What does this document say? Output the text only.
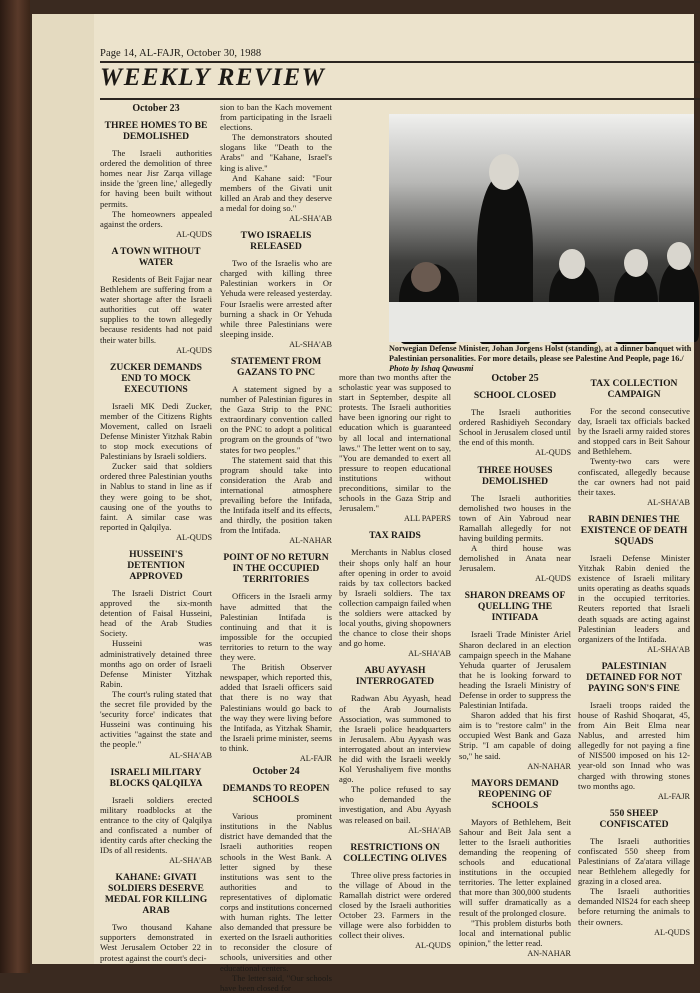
Page 14, AL-FAJR, October 30, 1988
WEEKLY REVIEW
October 23
THREE HOMES TO BE DEMOLISHED

The Israeli authorities ordered the demolition of three homes near Jisr Zarqa village inside the 'green line,' allegedly for having been built without permits.

The homeowners appealed against the orders.

AL-QUDS
A TOWN WITHOUT WATER

Residents of Beit Fajjar near Bethlehem are suffering from a water shortage after the Israeli authorities cut off water supplies to the town allegedly because residents had not paid their water bills.

AL-QUDS
ZUCKER DEMANDS END TO MOCK EXECUTIONS

Israeli MK Dedi Zucker, member of the Citizens Rights Movement, called on Israeli Defense Minister Yitzhak Rabin to stop mock executions of Palestinians by Israeli soldiers.

Zucker said that soldiers ordered three Palestinian youths in Nablus to stand in line as if they were going to be shot, causing one of the youths to faint. A similar case was reported in Qalqilya.

AL-QUDS
HUSSEINI'S DETENTION APPROVED

The Israeli District Court approved the six-month detention of Faisal Husseini, head of the Arab Studies Society.

Husseini was administratively detained three months ago on order of Israeli Defense Minister Yitzhak Rabin.

The court's ruling stated that the secret file provided by the 'security force' indicates that Husseini was continuing his activities "against the state and the people."

AL-SHA'AB
ISRAELI MILITARY BLOCKS QALQILYA

Israeli soldiers erected military roadblocks at the entrance to the city of Qalqilya and confiscated a number of identity cards after checking the IDs of all residents.

AL-SHA'AB
KAHANE: GIVATI SOLDIERS DESERVE MEDAL FOR KILLING ARAB

Two thousand Kahane supporters demonstrated in West Jerusalem October 22 in protest against the court's deci-

sion to ban the Kach movement from participating in the Israeli elections.

The demonstrators shouted slogans like "Death to the Arabs" and "Kahane, Israel's king is alive."

And Kahane said: "Four members of the Givati unit killed an Arab and they deserve a medal for doing so."

AL-SHA'AB
TWO ISRAELIS RELEASED

Two of the Israelis who are charged with killing three Palestinian workers in Or Yehuda were released yesterday. Four Israelis were arrested after burning a shack in Or Yehuda while three Palestinians were sleeping inside.

AL-SHA'AB
STATEMENT FROM GAZANS TO PNC

A statement signed by a number of Palestinian figures in the Gaza Strip to the PNC extraordinary convention called on the PNC to adopt a political program on the grounds of "two states for two peoples."

The statement said that this program should take into consideration the Arab and international atmosphere prevailing before the Intifada, the Intifada itself and its effects, and thirdly, the position taken from the Intifada.

AL-NAHAR
POINT OF NO RETURN IN THE OCCUPIED TERRITORIES

Officers in the Israeli army have admitted that the Palestinian Intifada is continuing and that it is impossible for the occupied territories to return to the way they were.

The British Observer newspaper, which reported this, added that Israeli officers said that there is no way that Palestinians would go back to the way they were living before the Intifada, as Yitzhak Shamir, the Israeli prime minister, seems to think.

AL-FAJR
October 24
DEMANDS TO REOPEN SCHOOLS

Various prominent institutions in the Nablus district have demanded that the Israeli authorities reopen schools in the West Bank. A letter signed by these institutions was sent to the authorities and to representatives of diplomatic corps and institutions concerned with human rights. The letter also demanded that pressure be exerted on the Israeli authorities to reconsider the closure of schools, universities and other educational centers.

The letter said, "Our schools have been closed for

Norwegian Defense Minister, Johan Jorgens Holst (standing), at a dinner banquet with Palestinian personalities. For more details, please see Palestine And People, page 16./ Photo by Ishaq Qawasmi

more than two months after the scholastic year was supposed to start in September, despite all protests. The Israeli authorities have been ignoring our right to education which is guaranteed by all local and international laws." The letter went on to say, "You are demanded to exert all pressure to reopen educational institutions without preconditions, similar to the schools in the Gaza Strip and Jerusalem."

ALL PAPERS
TAX RAIDS

Merchants in Nablus closed their shops only half an hour after opening in order to avoid raids by tax collectors backed by Israeli soldiers. The tax collection campaign failed when the soldiers were attacked by local youths, giving shopowners the chance to close their shops and go home.

AL-SHA'AB
ABU AYYASH INTERROGATED

Radwan Abu Ayyash, head of the Arab Journalists Association, was summoned to the Israeli police headquarters in Jerusalem. Abu Ayyash was interrogated about an interview he did with the Israeli weekly Kol Yerushaliyem five months ago.

The police refused to say who demanded the investigation, and Abu Ayyash was released on bail.

AL-SHA'AB
RESTRICTIONS ON COLLECTING OLIVES

Three olive press factories in the village of Aboud in the Ramallah district were ordered closed by the Israeli authorities October 23. Farmers in the village were also forbidden to collect their olives.

AL-QUDS
October 25
SCHOOL CLOSED

The Israeli authorities ordered Rashidiyeh Secondary School in Jerusalem closed until the end of this month.

AL-QUDS
THREE HOUSES DEMOLISHED

The Israeli authorities demolished two houses in the town of Ain Yabroud near Ramallah allegedly for not having building permits.

A third house was demolished in Anata near Jerusalem.

AL-QUDS
SHARON DREAMS OF QUELLING THE INTIFADA

Israeli Trade Minister Ariel Sharon declared in an election campaign speech in the Mahane Yehuda quarter of Jerusalem that he is looking forward to heading the Israeli Ministry of Defense in order to suppress the Palestinian Intifada.

Sharon added that his first aim is to "restore calm" in the occupied West Bank and Gaza Strip. "I am capable of doing so," he said.

AN-NAHAR
MAYORS DEMAND REOPENING OF SCHOOLS

Mayors of Bethlehem, Beit Sahour and Beit Jala sent a letter to the Israeli authorities demanding the reopening of schools and educational institutions in the occupied territories. The letter explained that more than 300,000 students will suffer dramatically as a result of the prolonged closure.

"This problem disturbs both local and international public opinion," the letter read.

AN-NAHAR
TAX COLLECTION CAMPAIGN

For the second consecutive day, Israeli tax officials backed by the Israeli army raided stores and stopped cars in Beit Sahour and Bethlehem.

Twenty-two cars were confiscated, allegedly because the car owners had not paid their taxes.

AL-SHA'AB
RABIN DENIES THE EXISTENCE OF DEATH SQUADS

Israeli Defense Minister Yitzhak Rabin denied the existence of Israeli military units operating as deaths squads in the occupied territories. Reuters reported that Israeli death squads are acting against Palestinian leaders and organizers of the Intifada.

AL-SHA'AB
PALESTINIAN DETAINED FOR NOT PAYING SON'S FINE

Israeli troops raided the house of Rashid Shoqarat, 45, from Ain Beit Elma near Nablus, and arrested him allegedly for not paying a fine of NIS500 imposed on his 12-year-old son Innad who was charged with throwing stones two months ago.

AL-FAJR
550 SHEEP CONFISCATED

The Israeli authorities confiscated 550 sheep from Palestinians of Za'atara village near Bethlehem allegedly for grazing in a closed area.

The Israeli authorities demanded NIS24 for each sheep before returning the animals to their owners.

AL-QUDS
